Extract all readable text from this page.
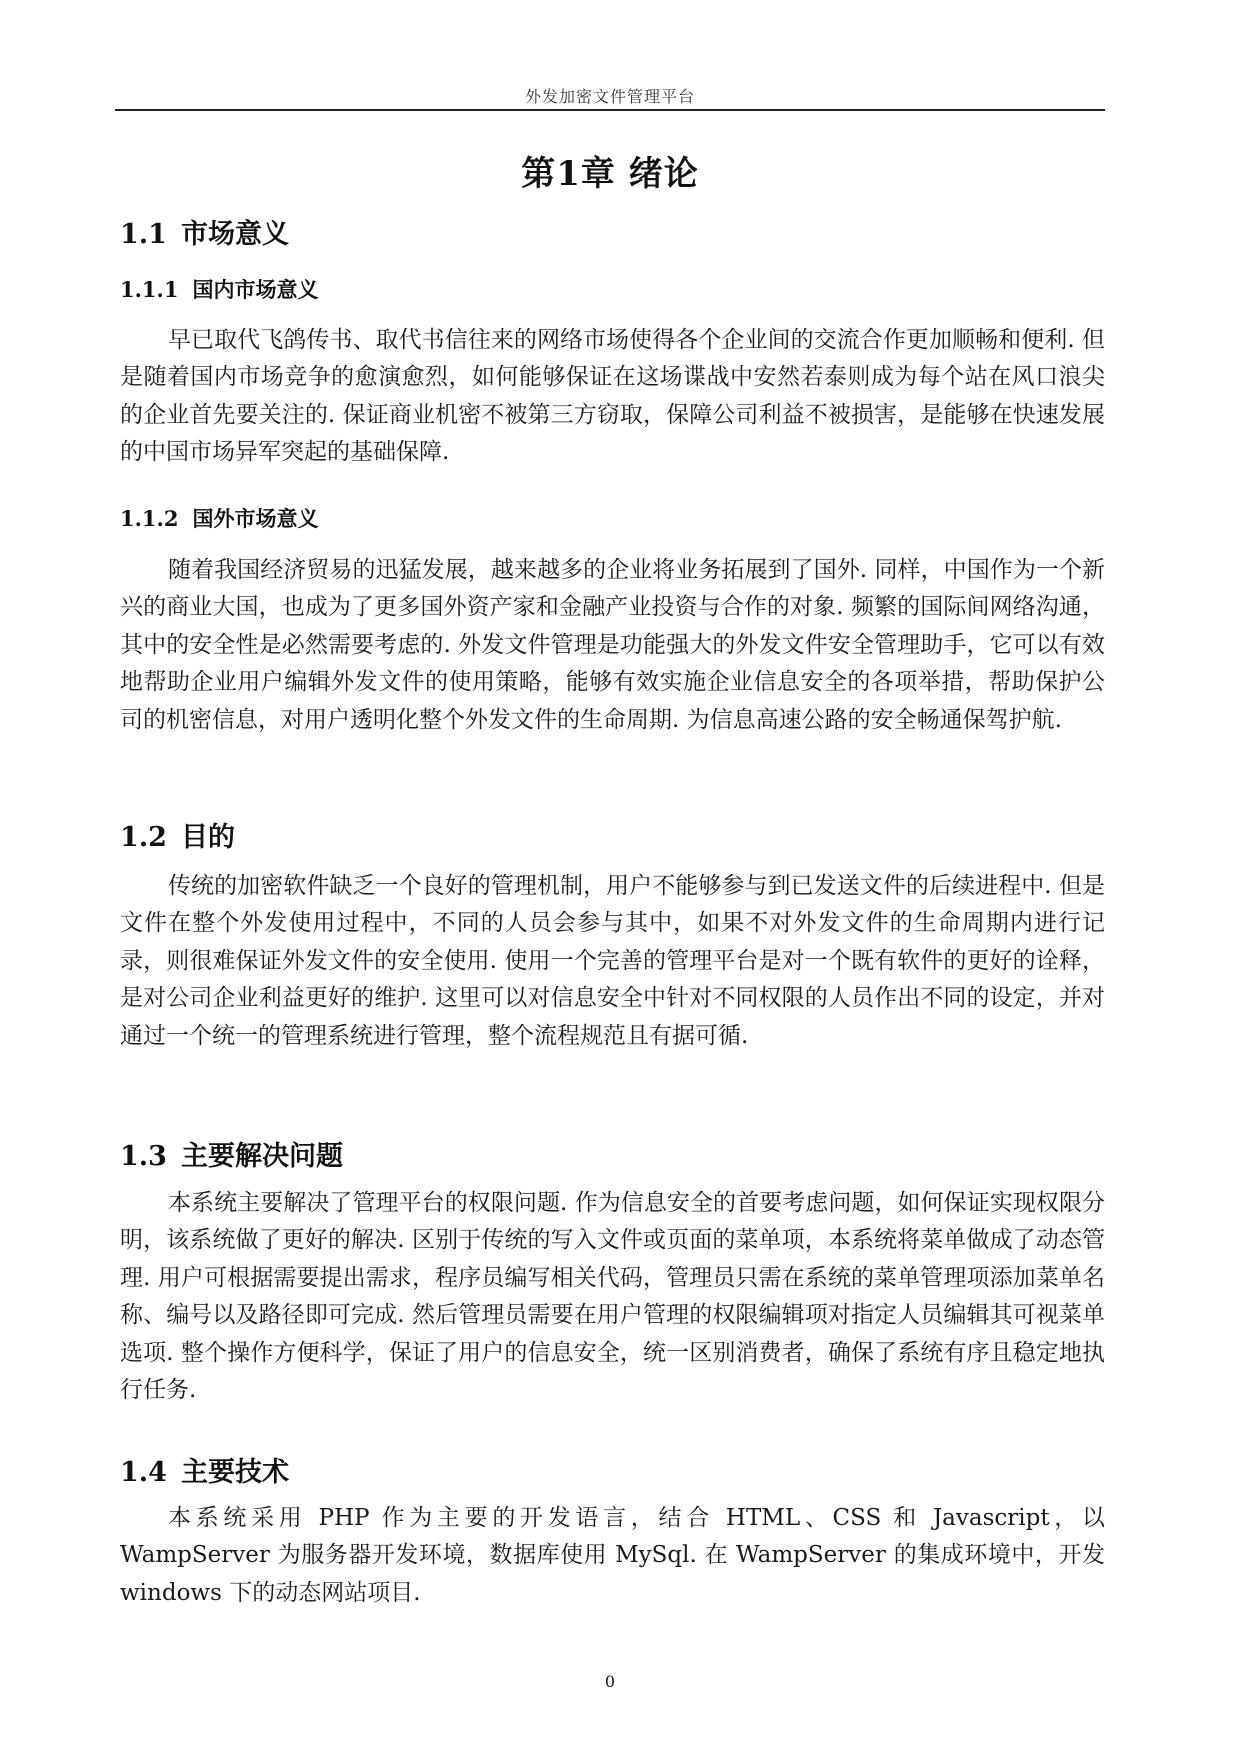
外发加密文件管理平台
第1章 绪论
1.1 市场意义
1.1.1 国内市场意义

早已取代飞鸽传书、取代书信往来的网络市场使得各个企业间的交流合作更加顺畅和便利. 但是随着国内市场竞争的愈演愈烈，如何能够保证在这场谍战中安然若泰则成为每个站在风口浪尖的企业首先要关注的. 保证商业机密不被第三方窃取，保障公司利益不被损害，是能够在快速发展的中国市场异军突起的基础保障.

1.1.2 国外市场意义

随着我国经济贸易的迅猛发展，越来越多的企业将业务拓展到了国外. 同样，中国作为一个新兴的商业大国，也成为了更多国外资产家和金融产业投资与合作的对象. 频繁的国际间网络沟通，其中的安全性是必然需要考虑的. 外发文件管理是功能强大的外发文件安全管理助手，它可以有效地帮助企业用户编辑外发文件的使用策略，能够有效实施企业信息安全的各项举措，帮助保护公司的机密信息，对用户透明化整个外发文件的生命周期. 为信息高速公路的安全畅通保驾护航.

1.2 目的

传统的加密软件缺乏一个良好的管理机制，用户不能够参与到已发送文件的后续进程中. 但是文件在整个外发使用过程中，不同的人员会参与其中，如果不对外发文件的生命周期内进行记录，则很难保证外发文件的安全使用. 使用一个完善的管理平台是对一个既有软件的更好的诠释，是对公司企业利益更好的维护. 这里可以对信息安全中针对不同权限的人员作出不同的设定，并对通过一个统一的管理系统进行管理，整个流程规范且有据可循.

1.3 主要解决问题

本系统主要解决了管理平台的权限问题. 作为信息安全的首要考虑问题，如何保证实现权限分明，该系统做了更好的解决. 区别于传统的写入文件或页面的菜单项，本系统将菜单做成了动态管理. 用户可根据需要提出需求，程序员编写相关代码，管理员只需在系统的菜单管理项添加菜单名称、编号以及路径即可完成. 然后管理员需要在用户管理的权限编辑项对指定人员编辑其可视菜单选项. 整个操作方便科学，保证了用户的信息安全，统一区别消费者，确保了系统有序且稳定地执行任务.

1.4 主要技术

本系统采用 PHP 作为主要的开发语言，结合 HTML、CSS 和 Javascript，以 WampServer 为服务器开发环境，数据库使用 MySql. 在 WampServer 的集成环境中，开发 windows 下的动态网站项目.

0
